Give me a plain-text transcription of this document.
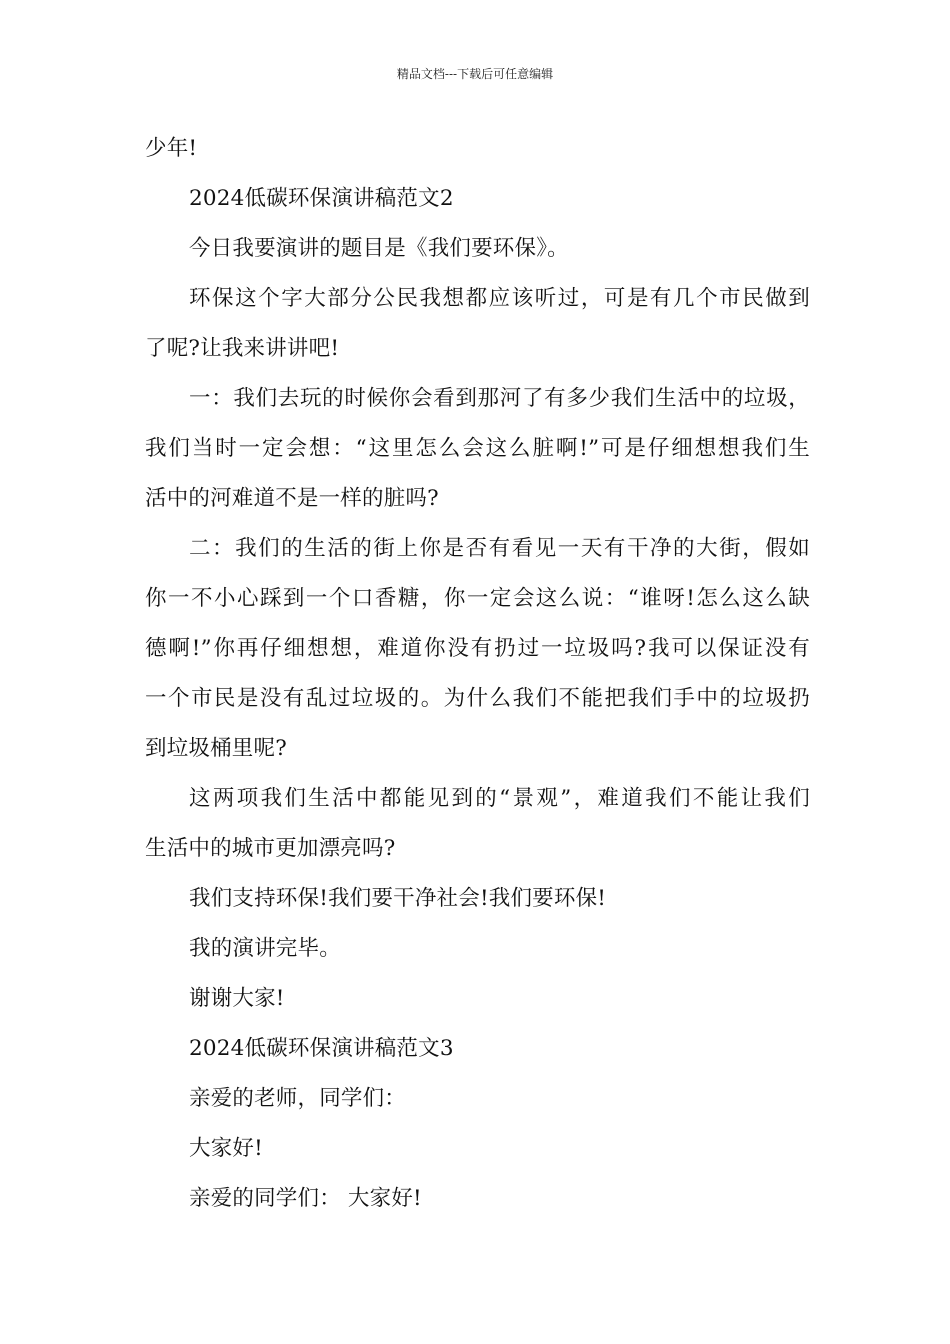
精品文档---下载后可任意编辑
少年!
2024低碳环保演讲稿范文2
今日我要演讲的题目是《我们要环保》。
环保这个字大部分公民我想都应该听过，可是有几个市民做到
了呢?让我来讲讲吧!
一：我们去玩的时候你会看到那河了有多少我们生活中的垃圾，
我们当时一定会想：“这里怎么会这么脏啊!”可是仔细想想我们生
活中的河难道不是一样的脏吗?
二：我们的生活的街上你是否有看见一天有干净的大街，假如
你一不小心踩到一个口香糖，你一定会这么说：“谁呀!怎么这么缺
德啊!”你再仔细想想，难道你没有扔过一垃圾吗?我可以保证没有
一个市民是没有乱过垃圾的。为什么我们不能把我们手中的垃圾扔
到垃圾桶里呢?
这两项我们生活中都能见到的“景观”，难道我们不能让我们
生活中的城市更加漂亮吗?
我们支持环保!我们要干净社会!我们要环保!
我的演讲完毕。
谢谢大家!
2024低碳环保演讲稿范文3
亲爱的老师，同学们：
大家好!
亲爱的同学们： 大家好!
